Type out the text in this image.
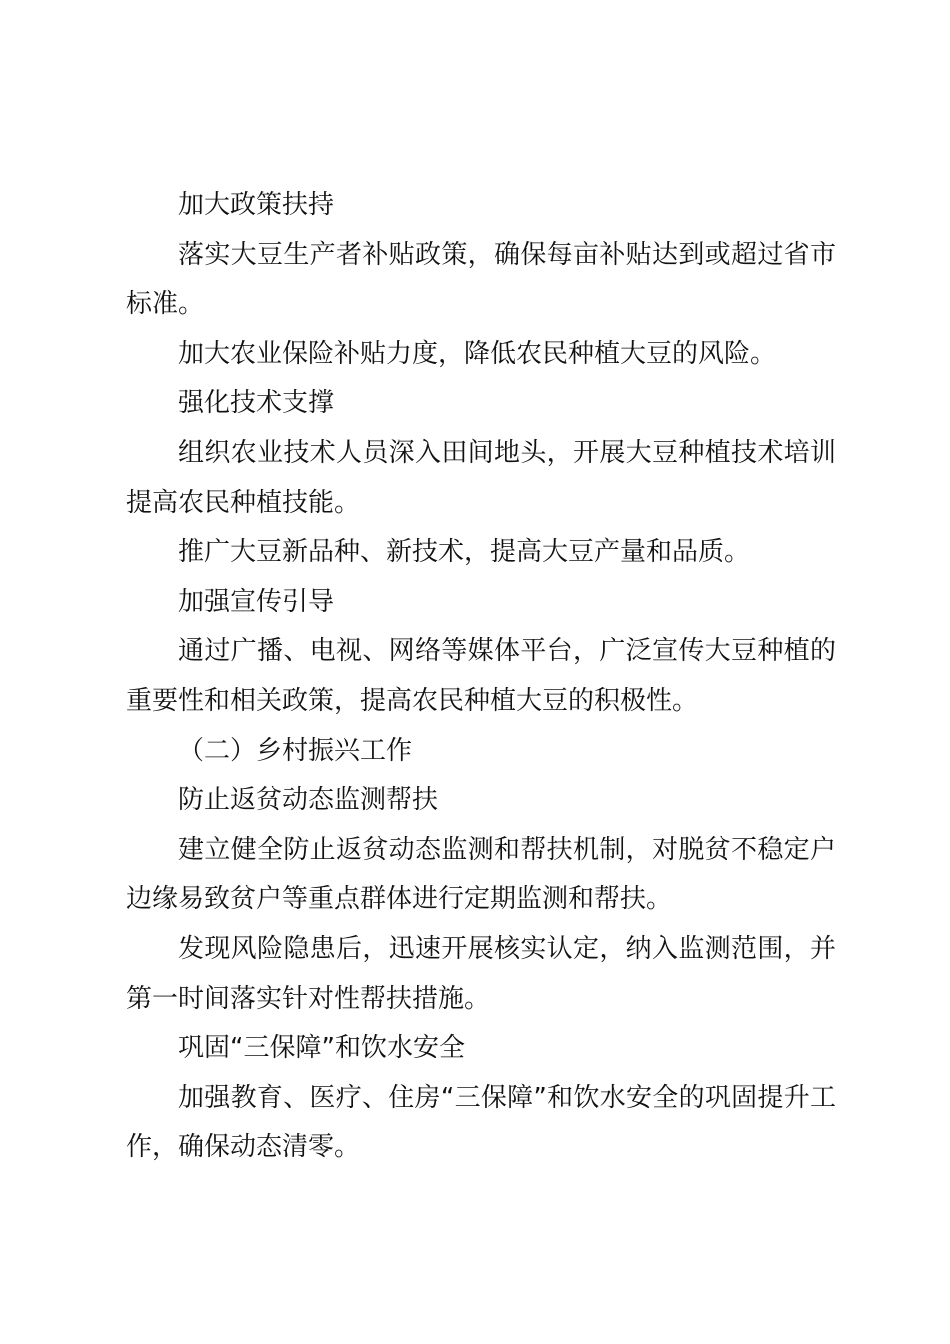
加大政策扶持

落实大豆生产者补贴政策，确保每亩补贴达到或超过省市标准。

加大农业保险补贴力度，降低农民种植大豆的风险。

强化技术支撑

组织农业技术人员深入田间地头，开展大豆种植技术培训提高农民种植技能。

推广大豆新品种、新技术，提高大豆产量和品质。

加强宣传引导

通过广播、电视、网络等媒体平台，广泛宣传大豆种植的重要性和相关政策，提高农民种植大豆的积极性。

（二）乡村振兴工作

防止返贫动态监测帮扶

建立健全防止返贫动态监测和帮扶机制，对脱贫不稳定户边缘易致贫户等重点群体进行定期监测和帮扶。

发现风险隐患后，迅速开展核实认定，纳入监测范围，并第一时间落实针对性帮扶措施。

巩固“三保障”和饮水安全

加强教育、医疗、住房“三保障”和饮水安全的巩固提升工作，确保动态清零。
